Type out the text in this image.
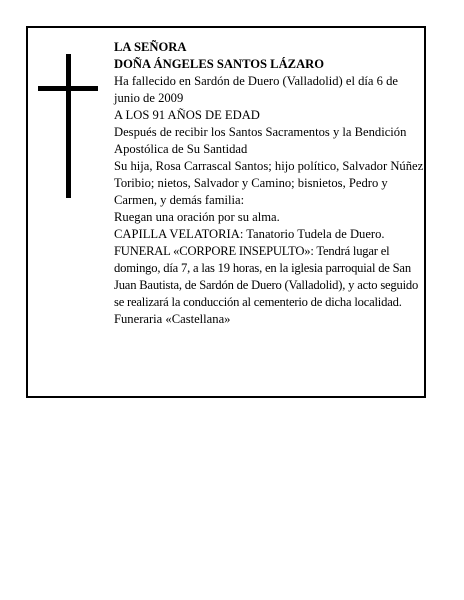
LA SEÑORA

DOÑA ÁNGELES SANTOS LÁZARO

Ha fallecido en Sardón de Duero (Valladolid) el día 6 de junio de 2009

A LOS 91 AÑOS DE EDAD

Después de recibir los Santos Sacramentos y la Bendición Apostólica de Su Santidad

Su hija, Rosa Carrascal Santos; hijo político, Salvador Núñez Toribio; nietos, Salvador y Camino; bisnietos, Pedro y Carmen, y demás familia:

Ruegan una oración por su alma.

CAPILLA VELATORIA: Tanatorio Tudela de Duero.

FUNERAL «CORPORE INSEPULTO»: Tendrá lugar el domingo, día 7, a las 19 horas, en la iglesia parroquial de San Juan Bautista, de Sardón de Duero (Valladolid), y acto seguido se realizará la conducción al cementerio de dicha localidad.

Funeraria «Castellana»
